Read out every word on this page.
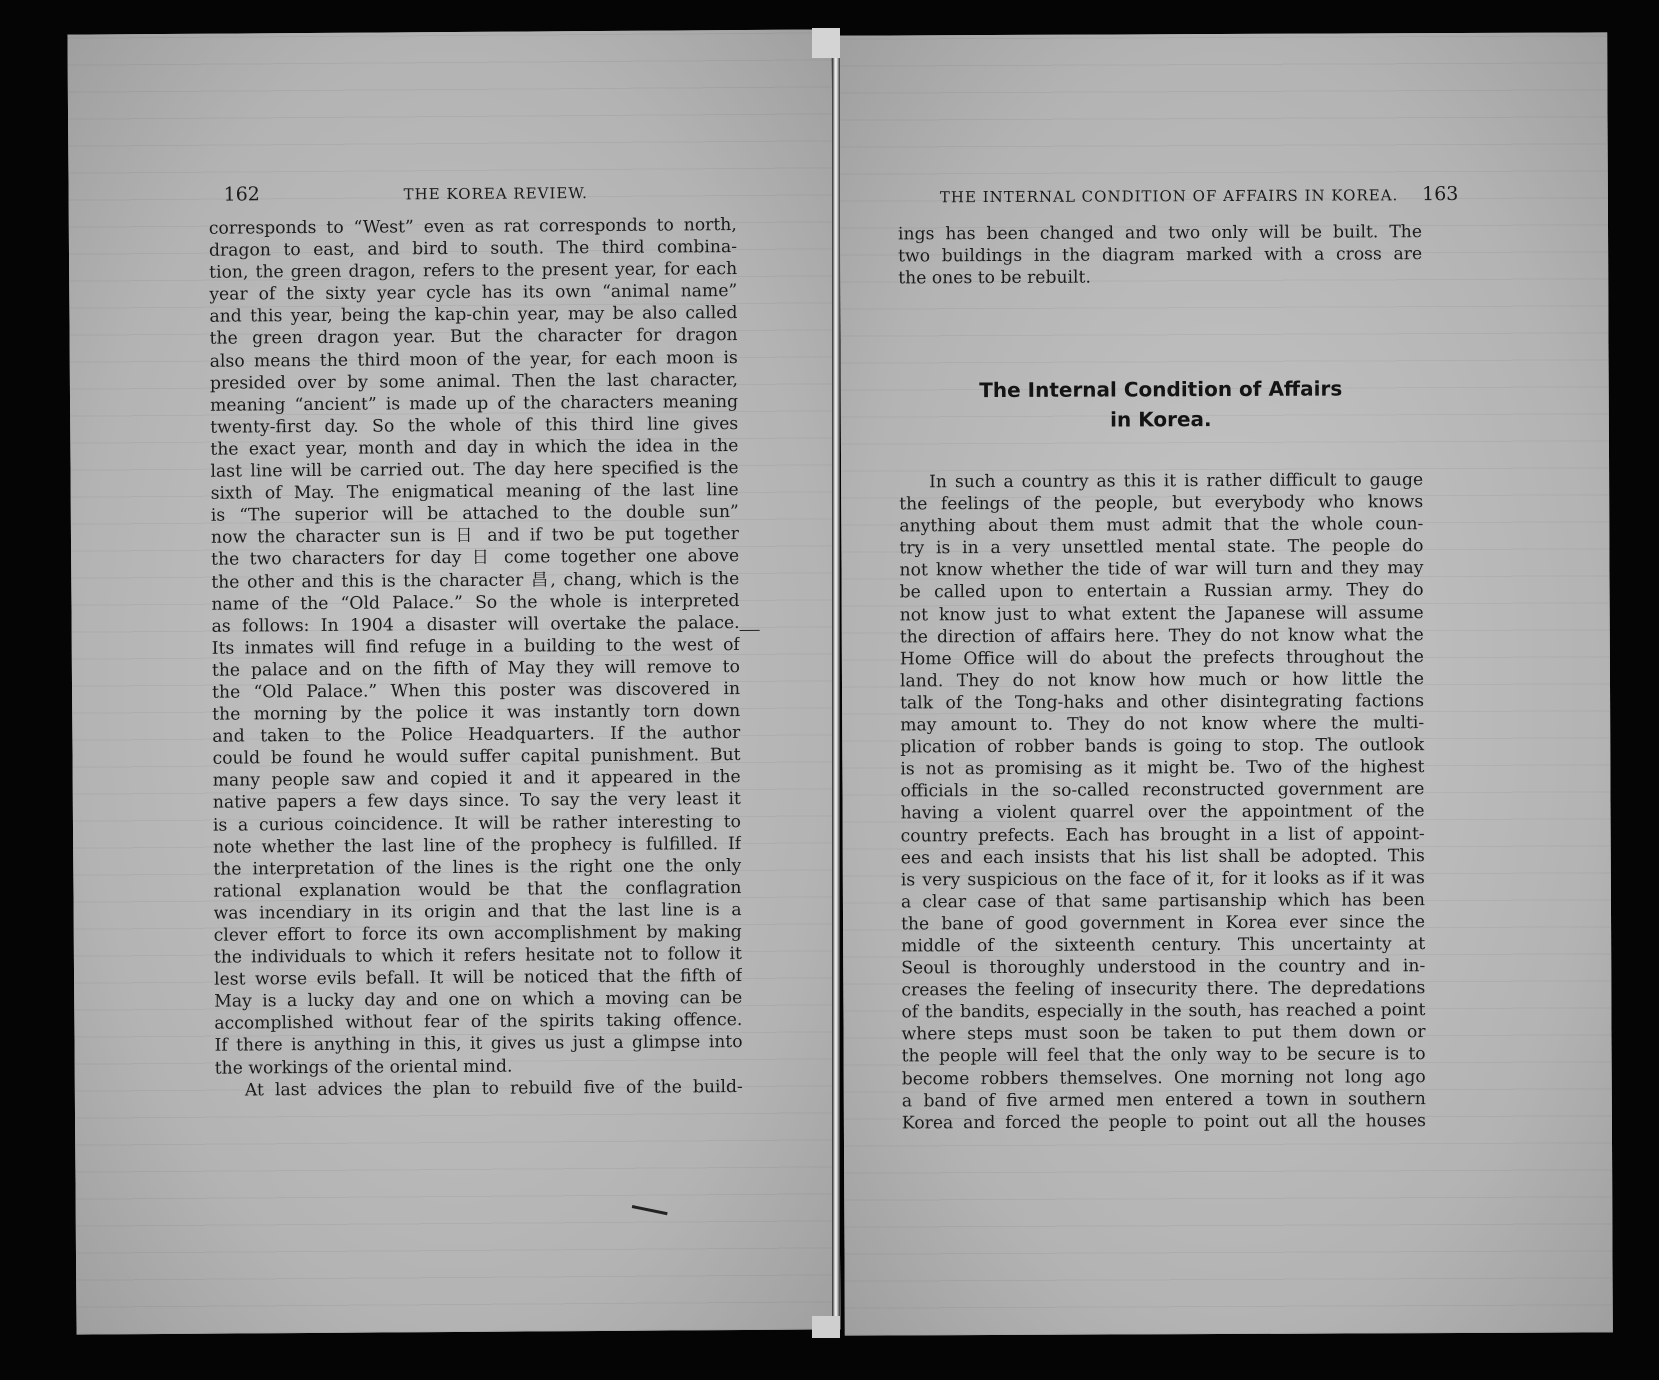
162	THE KOREA REVIEW.
corresponds to “West” even as rat corresponds to north,
dragon to east, and bird to south. The third combina-
tion, the green dragon, refers to the present year, for each
year of the sixty year cycle has its own “animal name”
and this year, being the kap-chin year, may be also called
the green dragon year. But the character for dragon
also means the third moon of the year, for each moon is
presided over by some animal. Then the last character,
meaning “ancient” is made up of the characters meaning
twenty-first day. So the whole of this third line gives
the exact year, month and day in which the idea in the
last line will be carried out. The day here specified is the
sixth of May. The enigmatical meaning of the last line
is “The superior will be attached to the double sun”
now the character sun is 日 and if two be put together
the two characters for day 日 come together one above
the other and this is the character 昌, chang, which is the
name of the “Old Palace.” So the whole is interpreted
as follows: In 1904 a disaster will overtake the palace.
Its inmates will find refuge in a building to the west of
the palace and on the fifth of May they will remove to
the “Old Palace.” When this poster was discovered in
the morning by the police it was instantly torn down
and taken to the Police Headquarters. If the author
could be found he would suffer capital punishment. But
many people saw and copied it and it appeared in the
native papers a few days since. To say the very least it
is a curious coincidence. It will be rather interesting to
note whether the last line of the prophecy is fulfilled. If
the interpretation of the lines is the right one the only
rational explanation would be that the conflagration
was incendiary in its origin and that the last line is a
clever effort to force its own accomplishment by making
the individuals to which it refers hesitate not to follow it
lest worse evils befall. It will be noticed that the fifth of
May is a lucky day and one on which a moving can be
accomplished without fear of the spirits taking offence.
If there is anything in this, it gives us just a glimpse into
the workings of the oriental mind.
At last advices the plan to rebuild five of the build-
THE INTERNAL CONDITION OF AFFAIRS IN KOREA. 163
ings has been changed and two only will be built. The
two buildings in the diagram marked with a cross are
the ones to be rebuilt.
The Internal Condition of Affairs
in Korea.
In such a country as this it is rather difficult to gauge
the feelings of the people, but everybody who knows
anything about them must admit that the whole coun-
try is in a very unsettled mental state. The people do
not know whether the tide of war will turn and they may
be called upon to entertain a Russian army. They do
not know just to what extent the Japanese will assume
the direction of affairs here. They do not know what the
Home Office will do about the prefects throughout the
land. They do not know how much or how little the
talk of the Tong-haks and other disintegrating factions
may amount to. They do not know where the multi-
plication of robber bands is going to stop. The outlook
is not as promising as it might be. Two of the highest
officials in the so-called reconstructed government are
having a violent quarrel over the appointment of the
country prefects. Each has brought in a list of appoint-
ees and each insists that his list shall be adopted. This
is very suspicious on the face of it, for it looks as if it was
a clear case of that same partisanship which has been
the bane of good government in Korea ever since the
middle of the sixteenth century. This uncertainty at
Seoul is thoroughly understood in the country and in-
creases the feeling of insecurity there. The depredations
of the bandits, especially in the south, has reached a point
where steps must soon be taken to put them down or
the people will feel that the only way to be secure is to
become robbers themselves. One morning not long ago
a band of five armed men entered a town in southern
Korea and forced the people to point out all the houses
